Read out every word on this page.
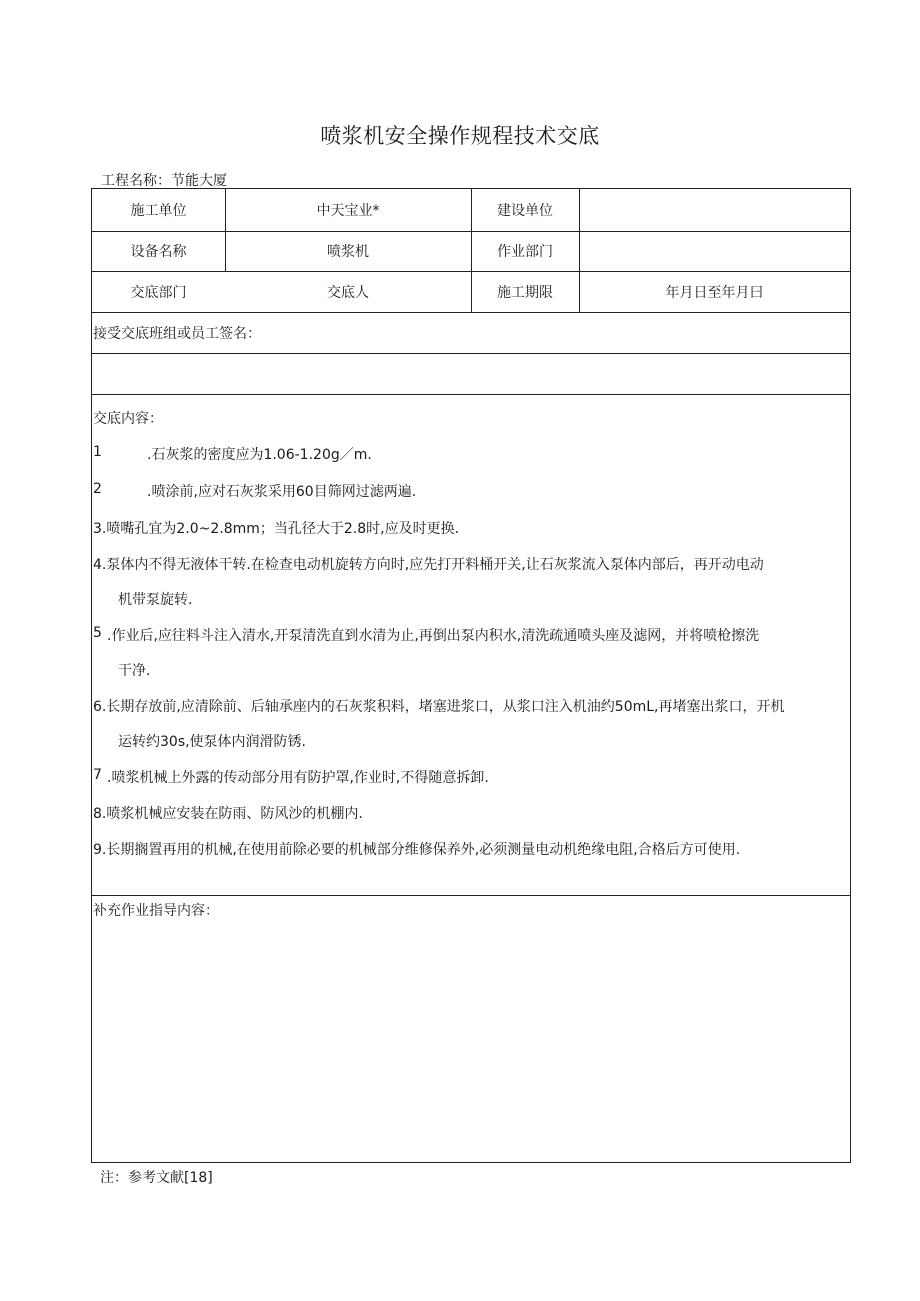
喷浆机安全操作规程技术交底
工程名称：节能大厦
施工单位	中天宝业*	建设单位
设备名称	喷浆机	作业部门
交底部门	交底人	施工期限	年月日至年月曰
接受交底班组或员工签名：
交底内容：
1	.石灰浆的密度应为1.06-1.20g／m.
2	.喷涂前,应对石灰浆采用60目筛网过滤两遍.
3.喷嘴孔宜为2.0~2.8mm；当孔径大于2.8时,应及时更换.
4.泵体内不得无液体干转.在检查电动机旋转方向时,应先打开料桶开关,让石灰浆流入泵体内部后，再开动电动
机带泵旋转.
5 .作业后,应往料斗注入清水,开泵清洗直到水清为止,再倒出泵内积水,清洗疏通喷头座及滤网，并将喷枪擦洗
干净.
6.长期存放前,应清除前、后轴承座内的石灰浆积料，堵塞进浆口，从浆口注入机油约50mL,再堵塞出浆口，开机
运转约30s,使泵体内润滑防锈.
7 .喷浆机械上外露的传动部分用有防护罩,作业时,不得随意拆卸.
8.喷浆机械应安装在防雨、防风沙的机棚内.
9.长期搁置再用的机械,在使用前除必要的机械部分维修保养外,必须测量电动机绝缘电阻,合格后方可使用.
补充作业指导内容：
注：参考文献[18]
